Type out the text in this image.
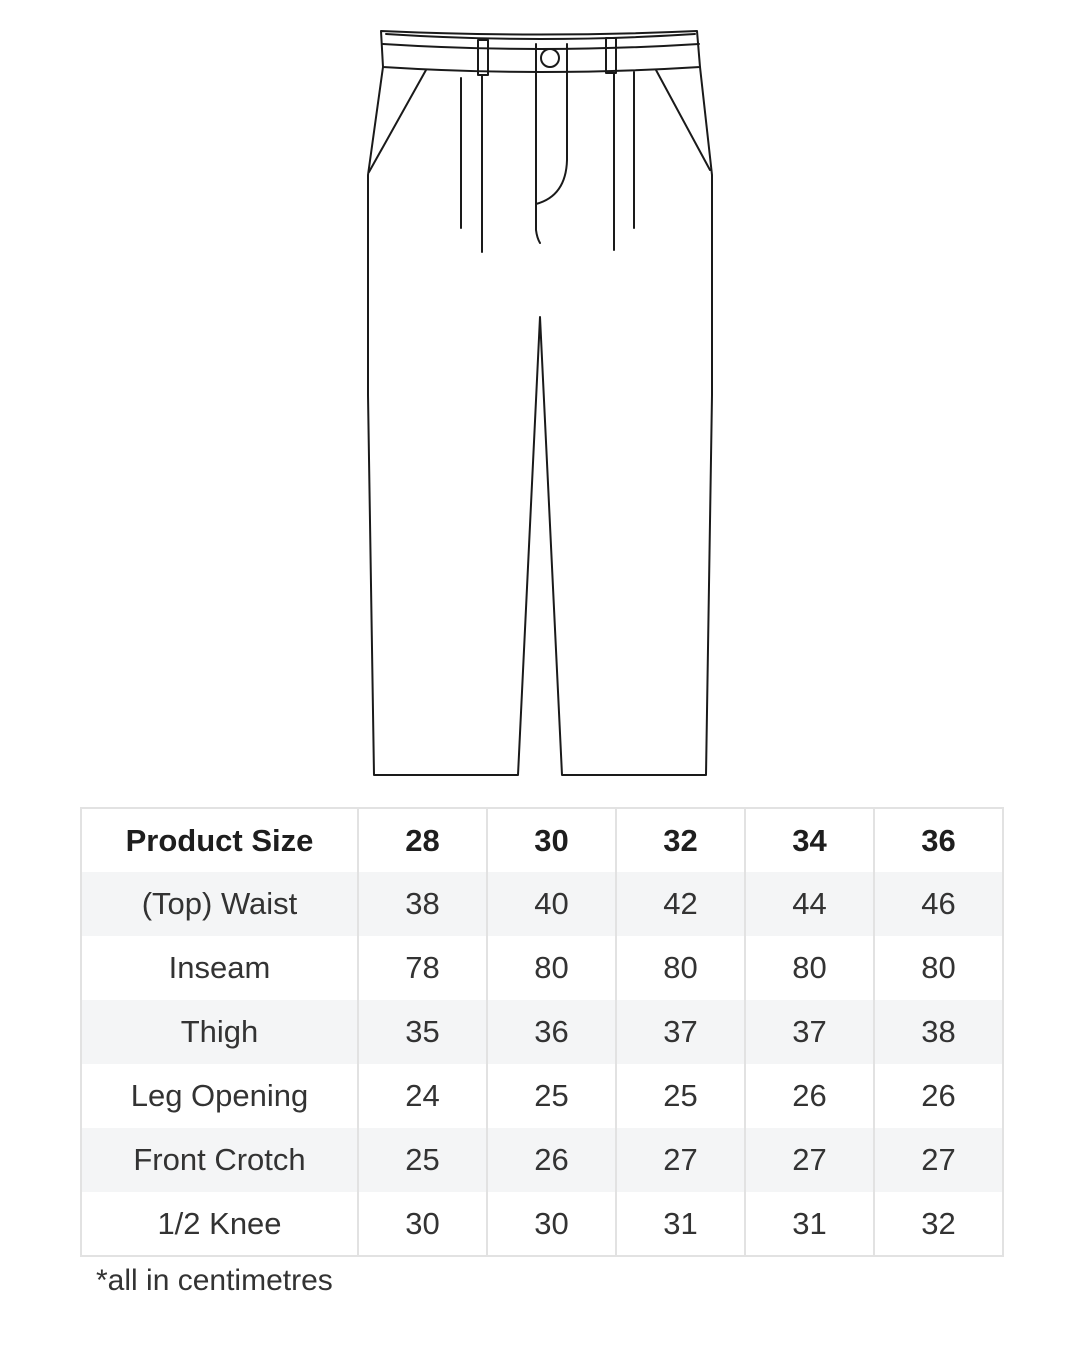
Product Size	28	30	32	34	36
(Top) Waist	38	40	42	44	46
Inseam	78	80	80	80	80
Thigh	35	36	37	37	38
Leg Opening	24	25	25	26	26
Front Crotch	25	26	27	27	27
1/2 Knee	30	30	31	31	32
*all in centimetres
